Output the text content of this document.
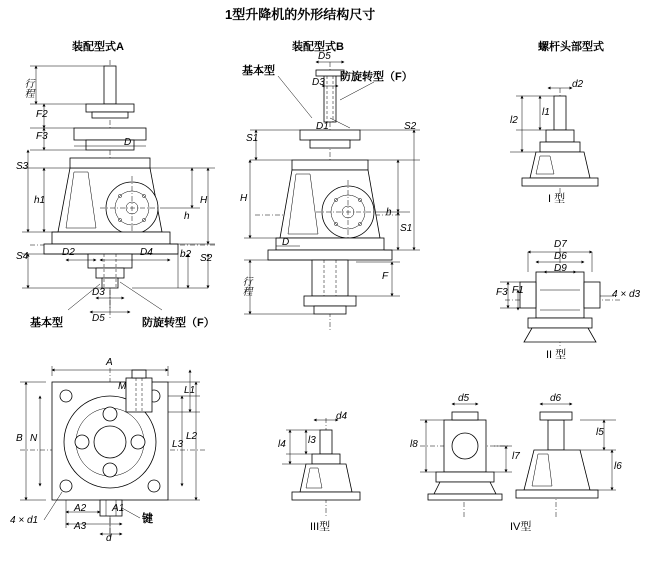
1型升降机的外形结构尺寸
装配型式A	装配型式B	螺杆头部型式
行程
F2
F3
S3
S4
h1
D
H
h
D2	D4	b2 S2
D3
D5
基本型	防旋转型（F）
D5
D3
D1
S1
S2
H
h
S1
D
F
行程
基本型	防旋转型（F）
d2
l1
l2
I 型
D7
D6
D9
F1
F3	4 × d3
II 型
A
M	L1
B N	L2
L3
A2
A3
A1
d
4 × d1	键
d4
l3
l4
III型
d5
l8
l7
d6
l5
l6
IV型
